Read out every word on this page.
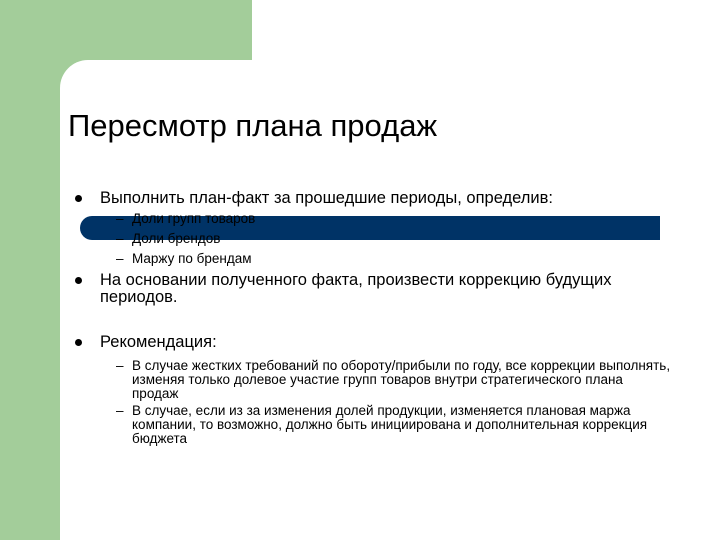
Пересмотр плана продаж
Выполнить план-факт за прошедшие периоды, определив:
– Доли групп товаров
– Доли брендов
– Маржу по брендам
На основании полученного факта, произвести коррекцию будущих периодов.
Рекомендация:
– В случае жестких требований по обороту/прибыли по году, все коррекции выполнять, изменяя только долевое участие групп товаров внутри стратегического плана продаж
– В случае, если из за изменения долей продукции, изменяется плановая маржа компании, то возможно, должно быть инициирована и дополнительная коррекция бюджета
